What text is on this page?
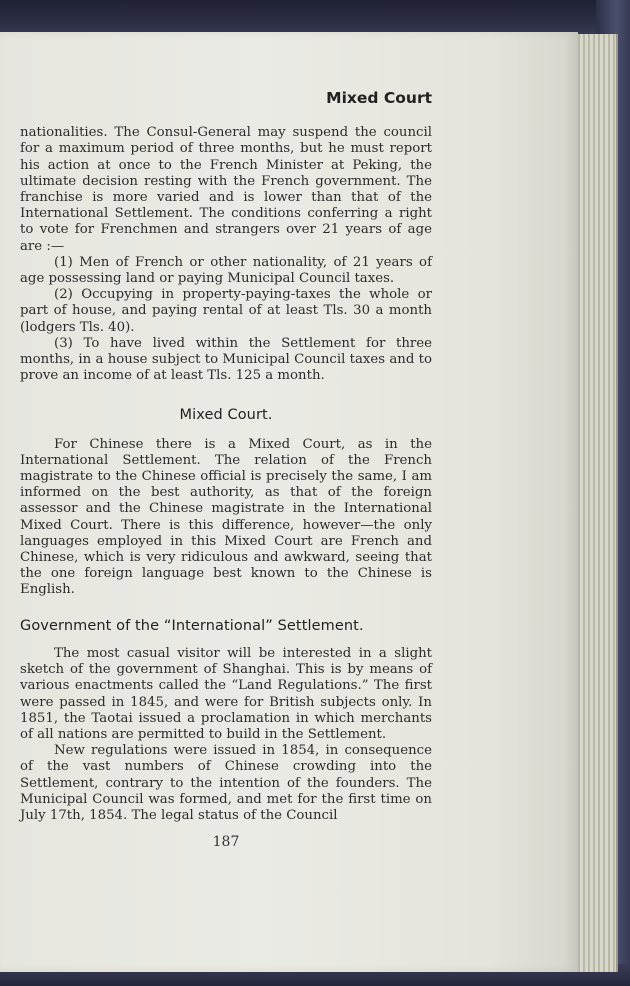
Mixed Court

nationalities. The Consul-General may suspend the council for a maximum period of three months, but he must report his action at once to the French Minister at Peking, the ultimate decision resting with the French government. The franchise is more varied and is lower than that of the International Settlement. The conditions conferring a right to vote for Frenchmen and strangers over 21 years of age are :—

(1) Men of French or other nationality, of 21 years of age possessing land or paying Municipal Council taxes.

(2) Occupying in property-paying-taxes the whole or part of house, and paying rental of at least Tls. 30 a month (lodgers Tls. 40).

(3) To have lived within the Settlement for three months, in a house subject to Municipal Council taxes and to prove an income of at least Tls. 125 a month.

Mixed Court.

For Chinese there is a Mixed Court, as in the International Settlement. The relation of the French magistrate to the Chinese official is precisely the same, I am informed on the best authority, as that of the foreign assessor and the Chinese magistrate in the International Mixed Court. There is this difference, however—the only languages employed in this Mixed Court are French and Chinese, which is very ridiculous and awkward, seeing that the one foreign language best known to the Chinese is English.

Government of the “International” Settlement.

The most casual visitor will be interested in a slight sketch of the government of Shanghai. This is by means of various enactments called the “Land Regulations.” The first were passed in 1845, and were for British subjects only. In 1851, the Taotai issued a proclamation in which merchants of all nations are permitted to build in the Settlement.

New regulations were issued in 1854, in consequence of the vast numbers of Chinese crowding into the Settlement, contrary to the intention of the founders. The Municipal Council was formed, and met for the first time on July 17th, 1854. The legal status of the Council

187
